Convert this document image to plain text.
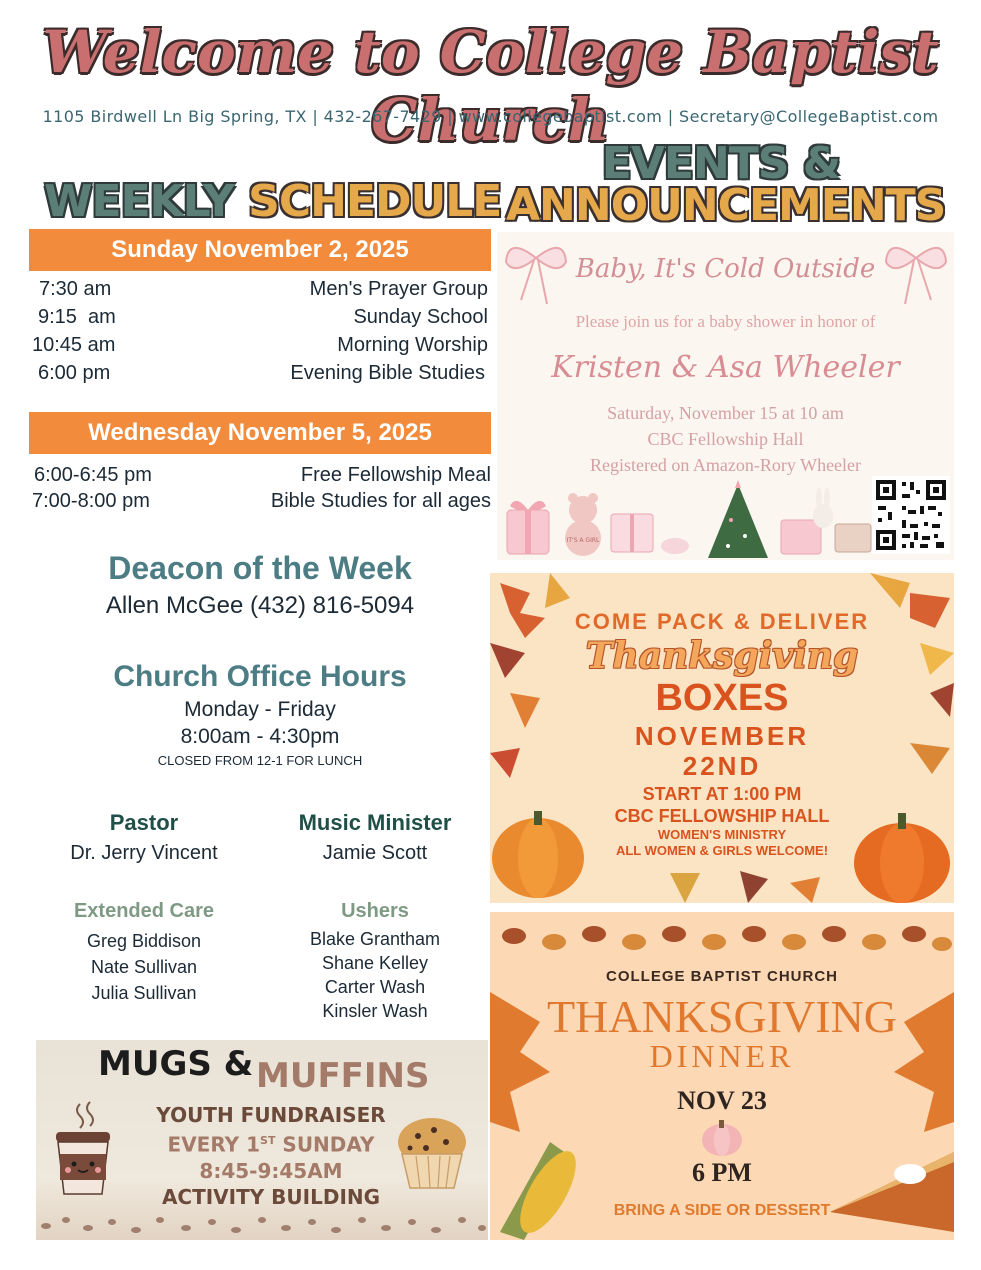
Welcome to College Baptist Church
1105 Birdwell Ln Big Spring, TX | 432-267-7429 | www.collegebaptist.com | Secretary@CollegeBaptist.com
WEEKLY SCHEDULE
Sunday November 2, 2025
7:30 am	Men's Prayer Group
9:15  am	Sunday School
10:45 am	Morning Worship
6:00 pm	Evening Bible Studies
Wednesday November 5, 2025
6:00-6:45 pm	Free Fellowship Meal
7:00-8:00 pm	Bible Studies for all ages
Deacon of the Week
Allen McGee (432) 816-5094
Church Office Hours
Monday - Friday
8:00am - 4:30pm
CLOSED FROM 12-1 FOR LUNCH
Pastor
Dr. Jerry Vincent
Music Minister
Jamie Scott
Extended Care
Greg Biddison
Nate Sullivan
Julia Sullivan
Ushers
Blake Grantham
Shane Kelley
Carter Wash
Kinsler Wash
MUGS & MUFFINS
YOUTH FUNDRAISER
EVERY 1ST SUNDAY
8:45-9:45AM
ACTIVITY BUILDING
EVENTS &
ANNOUNCEMENTS
Baby, It's Cold Outside
Please join us for a baby shower in honor of
Kristen & Asa Wheeler
Saturday, November 15 at 10 am
CBC Fellowship Hall
Registered on Amazon-Rory Wheeler
IT'S A GIRL
COME PACK & DELIVER
Thanksgiving
BOXES
NOVEMBER
22ND
START AT 1:00 PM
CBC FELLOWSHIP HALL
WOMEN'S MINISTRY
ALL WOMEN & GIRLS WELCOME!
COLLEGE BAPTIST CHURCH
THANKSGIVING
DINNER
NOV 23
6 PM
BRING A SIDE OR DESSERT
